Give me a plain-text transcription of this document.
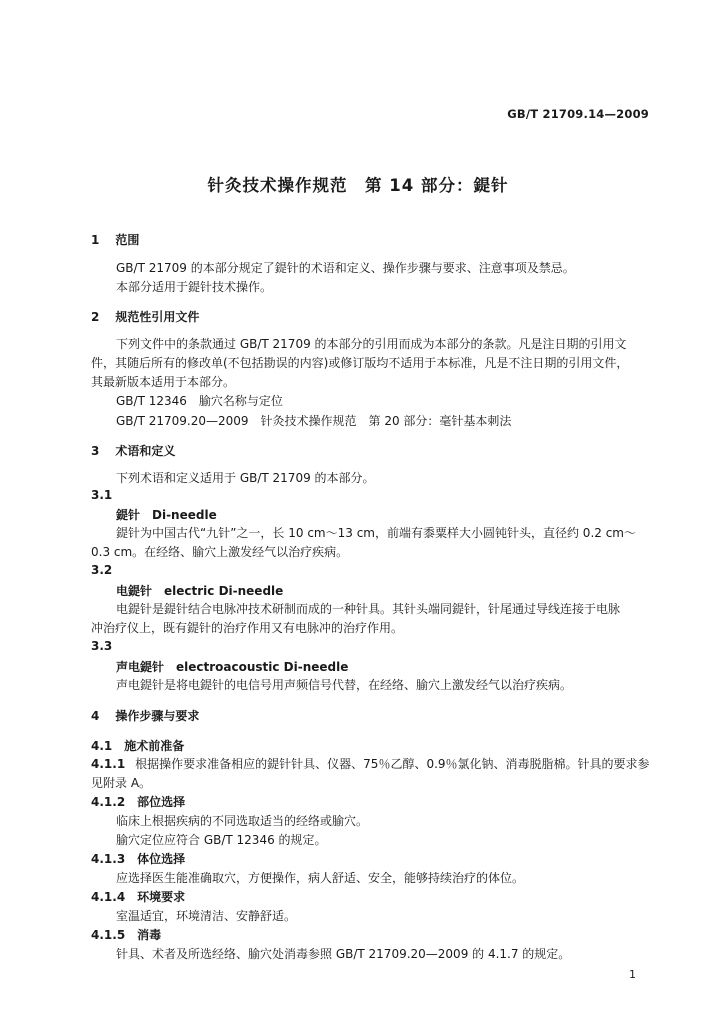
GB/T 21709.14—2009
针灸技术操作规范　第 14 部分：鍉针
1 范围
GB/T 21709 的本部分规定了鍉针的术语和定义、操作步骤与要求、注意事项及禁忌。
本部分适用于鍉针技术操作。
2 规范性引用文件
下列文件中的条款通过 GB/T 21709 的本部分的引用而成为本部分的条款。凡是注日期的引用文
件，其随后所有的修改单(不包括勘误的内容)或修订版均不适用于本标准，凡是不注日期的引用文件，
其最新版本适用于本部分。
GB/T 12346　腧穴名称与定位
GB/T 21709.20—2009　针灸技术操作规范　第 20 部分：毫针基本刺法
3 术语和定义
下列术语和定义适用于 GB/T 21709 的本部分。
3.1
鍉针　Di-needle
鍉针为中国古代“九针”之一，长 10 cm～13 cm，前端有黍粟样大小圆钝针头，直径约 0.2 cm～
0.3 cm。在经络、腧穴上激发经气以治疗疾病。
3.2
电鍉针　electric Di-needle
电鍉针是鍉针结合电脉冲技术研制而成的一种针具。其针头端同鍉针，针尾通过导线连接于电脉
冲治疗仪上，既有鍉针的治疗作用又有电脉冲的治疗作用。
3.3
声电鍉针　electroacoustic Di-needle
声电鍉针是将电鍉针的电信号用声频信号代替，在经络、腧穴上激发经气以治疗疾病。
4 操作步骤与要求
4.1 施术前准备
4.1.1 根据操作要求准备相应的鍉针针具、仪器、75％乙醇、0.9％氯化钠、消毒脱脂棉。针具的要求参
见附录 A。
4.1.2 部位选择
临床上根据疾病的不同选取适当的经络或腧穴。
腧穴定位应符合 GB/T 12346 的规定。
4.1.3 体位选择
应选择医生能准确取穴，方便操作，病人舒适、安全，能够持续治疗的体位。
4.1.4 环境要求
室温适宜，环境清洁、安静舒适。
4.1.5 消毒
针具、术者及所选经络、腧穴处消毒参照 GB/T 21709.20—2009 的 4.1.7 的规定。
1
